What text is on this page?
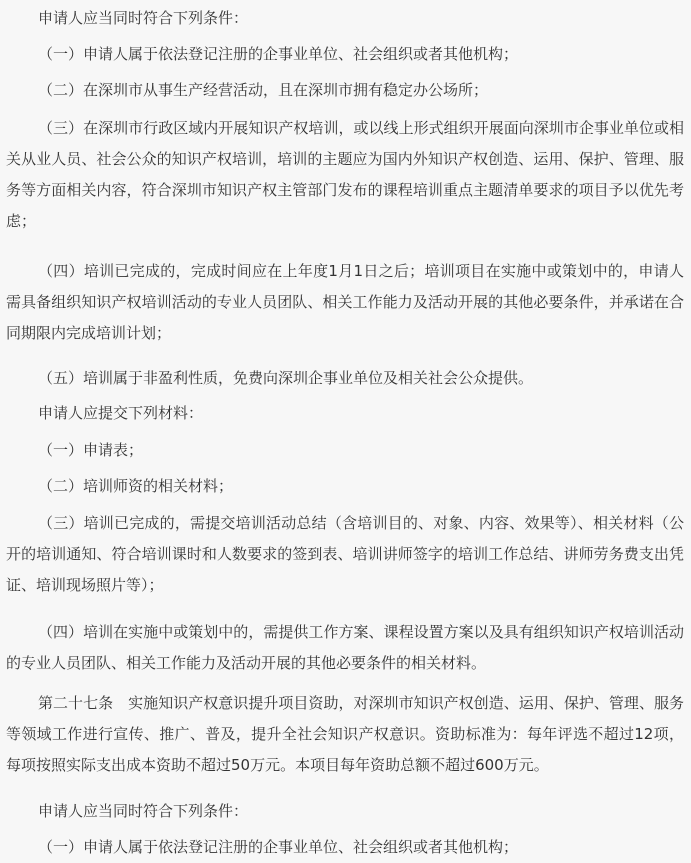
申请人应当同时符合下列条件：

（一）申请人属于依法登记注册的企事业单位、社会组织或者其他机构；

（二）在深圳市从事生产经营活动，且在深圳市拥有稳定办公场所；

（三）在深圳市行政区域内开展知识产权培训，或以线上形式组织开展面向深圳市企事业单位或相关从业人员、社会公众的知识产权培训，培训的主题应为国内外知识产权创造、运用、保护、管理、服务等方面相关内容，符合深圳市知识产权主管部门发布的课程培训重点主题清单要求的项目予以优先考虑；

（四）培训已完成的，完成时间应在上年度1月1日之后；培训项目在实施中或策划中的，申请人需具备组织知识产权培训活动的专业人员团队、相关工作能力及活动开展的其他必要条件，并承诺在合同期限内完成培训计划；

（五）培训属于非盈利性质，免费向深圳企事业单位及相关社会公众提供。

申请人应提交下列材料：

（一）申请表；

（二）培训师资的相关材料；

（三）培训已完成的，需提交培训活动总结（含培训目的、对象、内容、效果等）、相关材料（公开的培训通知、符合培训课时和人数要求的签到表、培训讲师签字的培训工作总结、讲师劳务费支出凭证、培训现场照片等）；

（四）培训在实施中或策划中的，需提供工作方案、课程设置方案以及具有组织知识产权培训活动的专业人员团队、相关工作能力及活动开展的其他必要条件的相关材料。

第二十七条　实施知识产权意识提升项目资助，对深圳市知识产权创造、运用、保护、管理、服务等领域工作进行宣传、推广、普及，提升全社会知识产权意识。资助标准为：每年评选不超过12项，每项按照实际支出成本资助不超过50万元。本项目每年资助总额不超过600万元。

申请人应当同时符合下列条件：

（一）申请人属于依法登记注册的企事业单位、社会组织或者其他机构；
